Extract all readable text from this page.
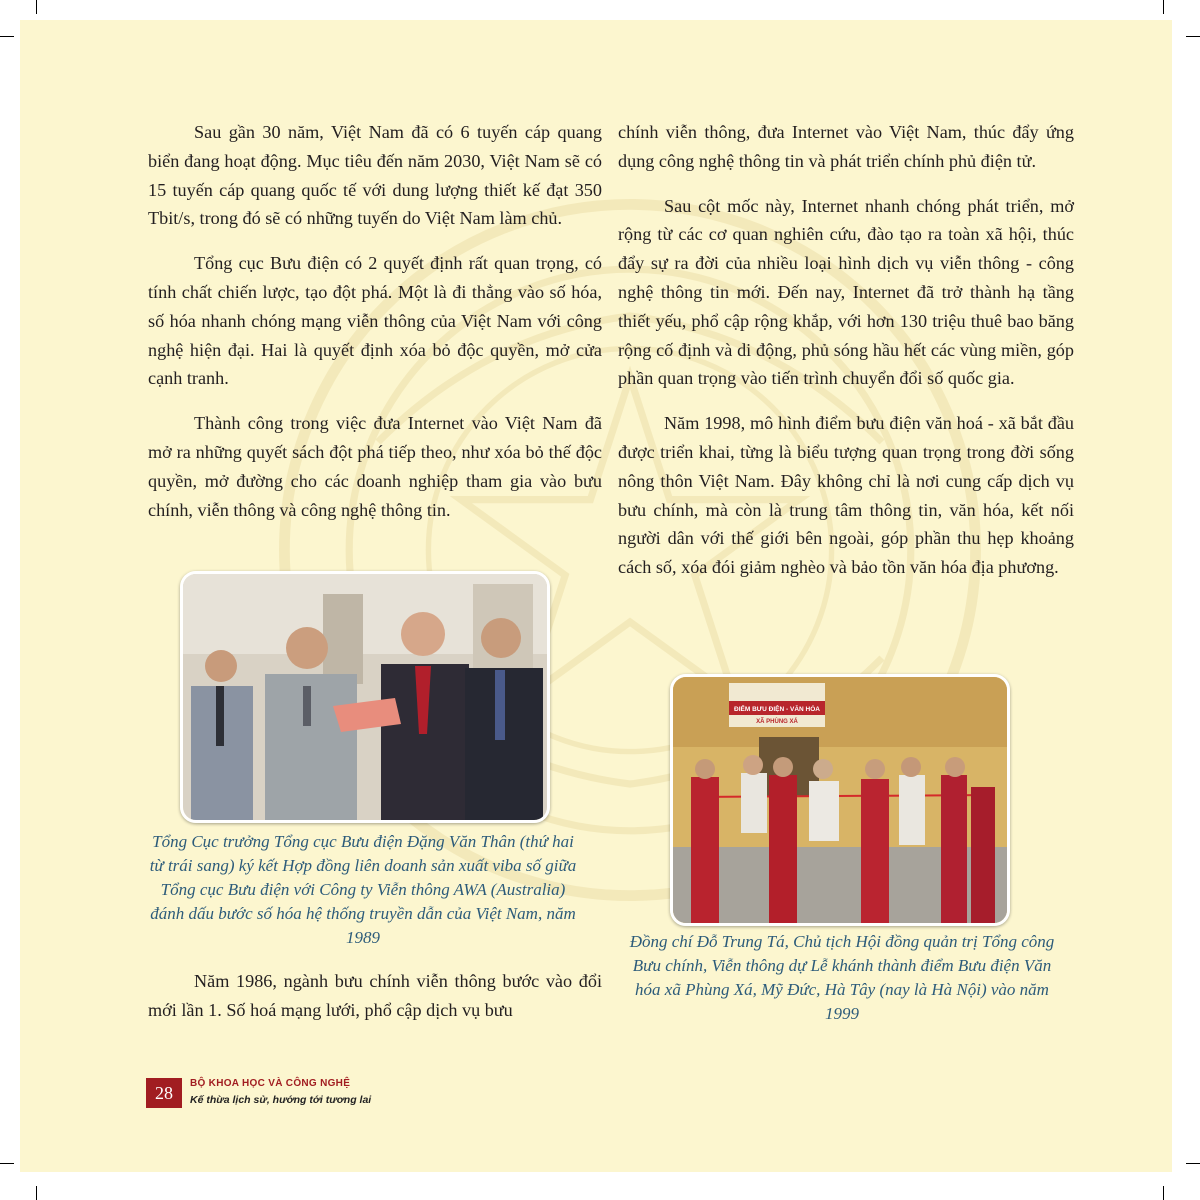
Sau gần 30 năm, Việt Nam đã có 6 tuyến cáp quang biển đang hoạt động. Mục tiêu đến năm 2030, Việt Nam sẽ có 15 tuyến cáp quang quốc tế với dung lượng thiết kế đạt 350 Tbit/s, trong đó sẽ có những tuyến do Việt Nam làm chủ.

Tổng cục Bưu điện có 2 quyết định rất quan trọng, có tính chất chiến lược, tạo đột phá. Một là đi thẳng vào số hóa, số hóa nhanh chóng mạng viễn thông của Việt Nam với công nghệ hiện đại. Hai là quyết định xóa bỏ độc quyền, mở cửa cạnh tranh.

Thành công trong việc đưa Internet vào Việt Nam đã mở ra những quyết sách đột phá tiếp theo, như xóa bỏ thế độc quyền, mở đường cho các doanh nghiệp tham gia vào bưu chính, viễn thông và công nghệ thông tin.

Tổng Cục trưởng Tổng cục Bưu điện Đặng Văn Thân (thứ hai từ trái sang) ký kết Hợp đồng liên doanh sản xuất viba số giữa Tổng cục Bưu điện với Công ty Viễn thông AWA (Australia) đánh dấu bước số hóa hệ thống truyền dẫn của Việt Nam, năm 1989

Năm 1986, ngành bưu chính viễn thông bước vào đổi mới lần 1. Số hoá mạng lưới, phổ cập dịch vụ bưu

chính viễn thông, đưa Internet vào Việt Nam, thúc đẩy ứng dụng công nghệ thông tin và phát triển chính phủ điện tử.

Sau cột mốc này, Internet nhanh chóng phát triển, mở rộng từ các cơ quan nghiên cứu, đào tạo ra toàn xã hội, thúc đẩy sự ra đời của nhiều loại hình dịch vụ viễn thông - công nghệ thông tin mới. Đến nay, Internet đã trở thành hạ tầng thiết yếu, phổ cập rộng khắp, với hơn 130 triệu thuê bao băng rộng cố định và di động, phủ sóng hầu hết các vùng miền, góp phần quan trọng vào tiến trình chuyển đổi số quốc gia.

Năm 1998, mô hình điểm bưu điện văn hoá - xã bắt đầu được triển khai, từng là biểu tượng quan trọng trong đời sống nông thôn Việt Nam. Đây không chỉ là nơi cung cấp dịch vụ bưu chính, mà còn là trung tâm thông tin, văn hóa, kết nối người dân với thế giới bên ngoài, góp phần thu hẹp khoảng cách số, xóa đói giảm nghèo và bảo tồn văn hóa địa phương.

ĐIỂM BƯU ĐIỆN - VĂN HÓA
XÃ PHÙNG XÁ
Đồng chí Đỗ Trung Tá, Chủ tịch Hội đồng quản trị Tổng công Bưu chính, Viễn thông dự Lễ khánh thành điểm Bưu điện Văn hóa xã Phùng Xá, Mỹ Đức, Hà Tây (nay là Hà Nội) vào năm 1999
28	BỘ KHOA HỌC VÀ CÔNG NGHỆ
Kế thừa lịch sử, hướng tới tương lai
